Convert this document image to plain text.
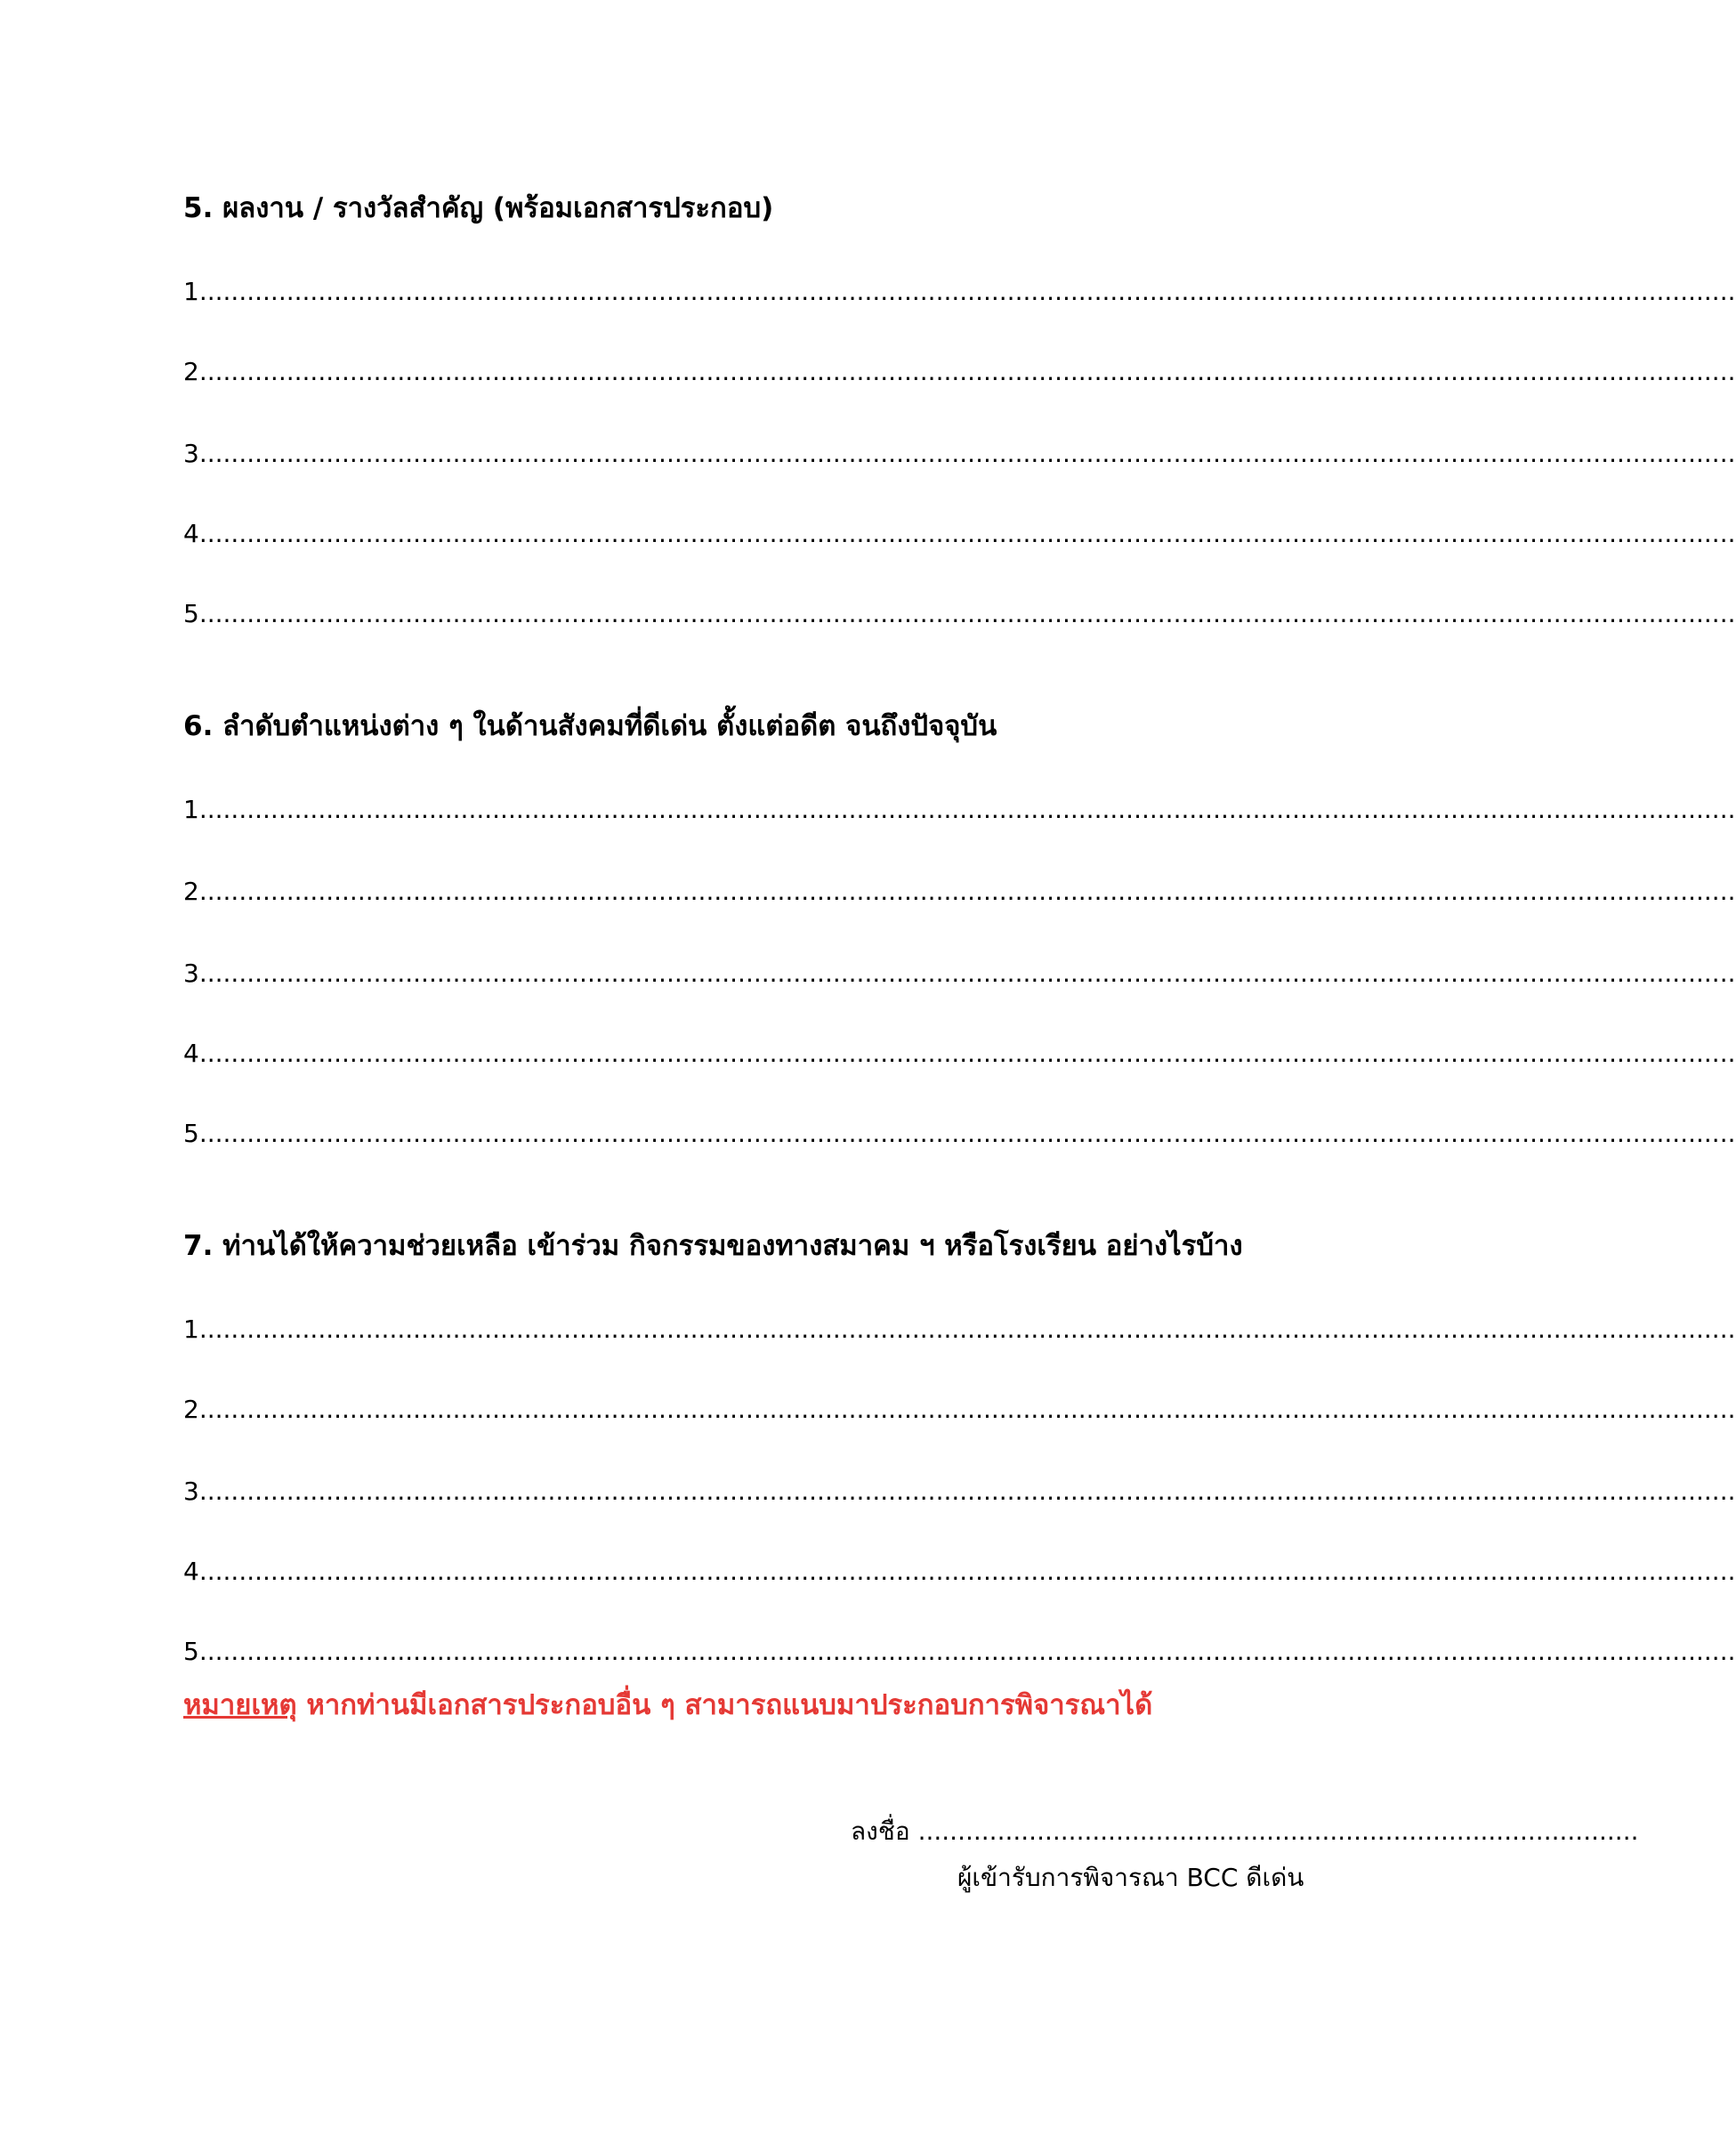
5. ผลงาน / รางวัลสำคัญ (พร้อมเอกสารประกอบ)
1..................................................................................................................................................................................................
2..................................................................................................................................................................................................
3..................................................................................................................................................................................................
4..................................................................................................................................................................................................
5..................................................................................................................................................................................................
6. ลำดับตำแหน่งต่าง ๆ ในด้านสังคมที่ดีเด่น ตั้งแต่อดีต จนถึงปัจจุบัน
1..................................................................................................................................................................................................
2..................................................................................................................................................................................................
3..................................................................................................................................................................................................
4..................................................................................................................................................................................................
5..................................................................................................................................................................................................
7. ท่านได้ให้ความช่วยเหลือ เข้าร่วม กิจกรรมของทางสมาคม ฯ หรือโรงเรียน อย่างไรบ้าง
1..................................................................................................................................................................................................
2..................................................................................................................................................................................................
3..................................................................................................................................................................................................
4..................................................................................................................................................................................................
5..................................................................................................................................................................................................
หมายเหตุ หากท่านมีเอกสารประกอบอื่น ๆ สามารถแนบมาประกอบการพิจารณาได้
ลงชื่อ ...........................................................................................
ผู้เข้ารับการพิจารณา BCC ดีเด่น
